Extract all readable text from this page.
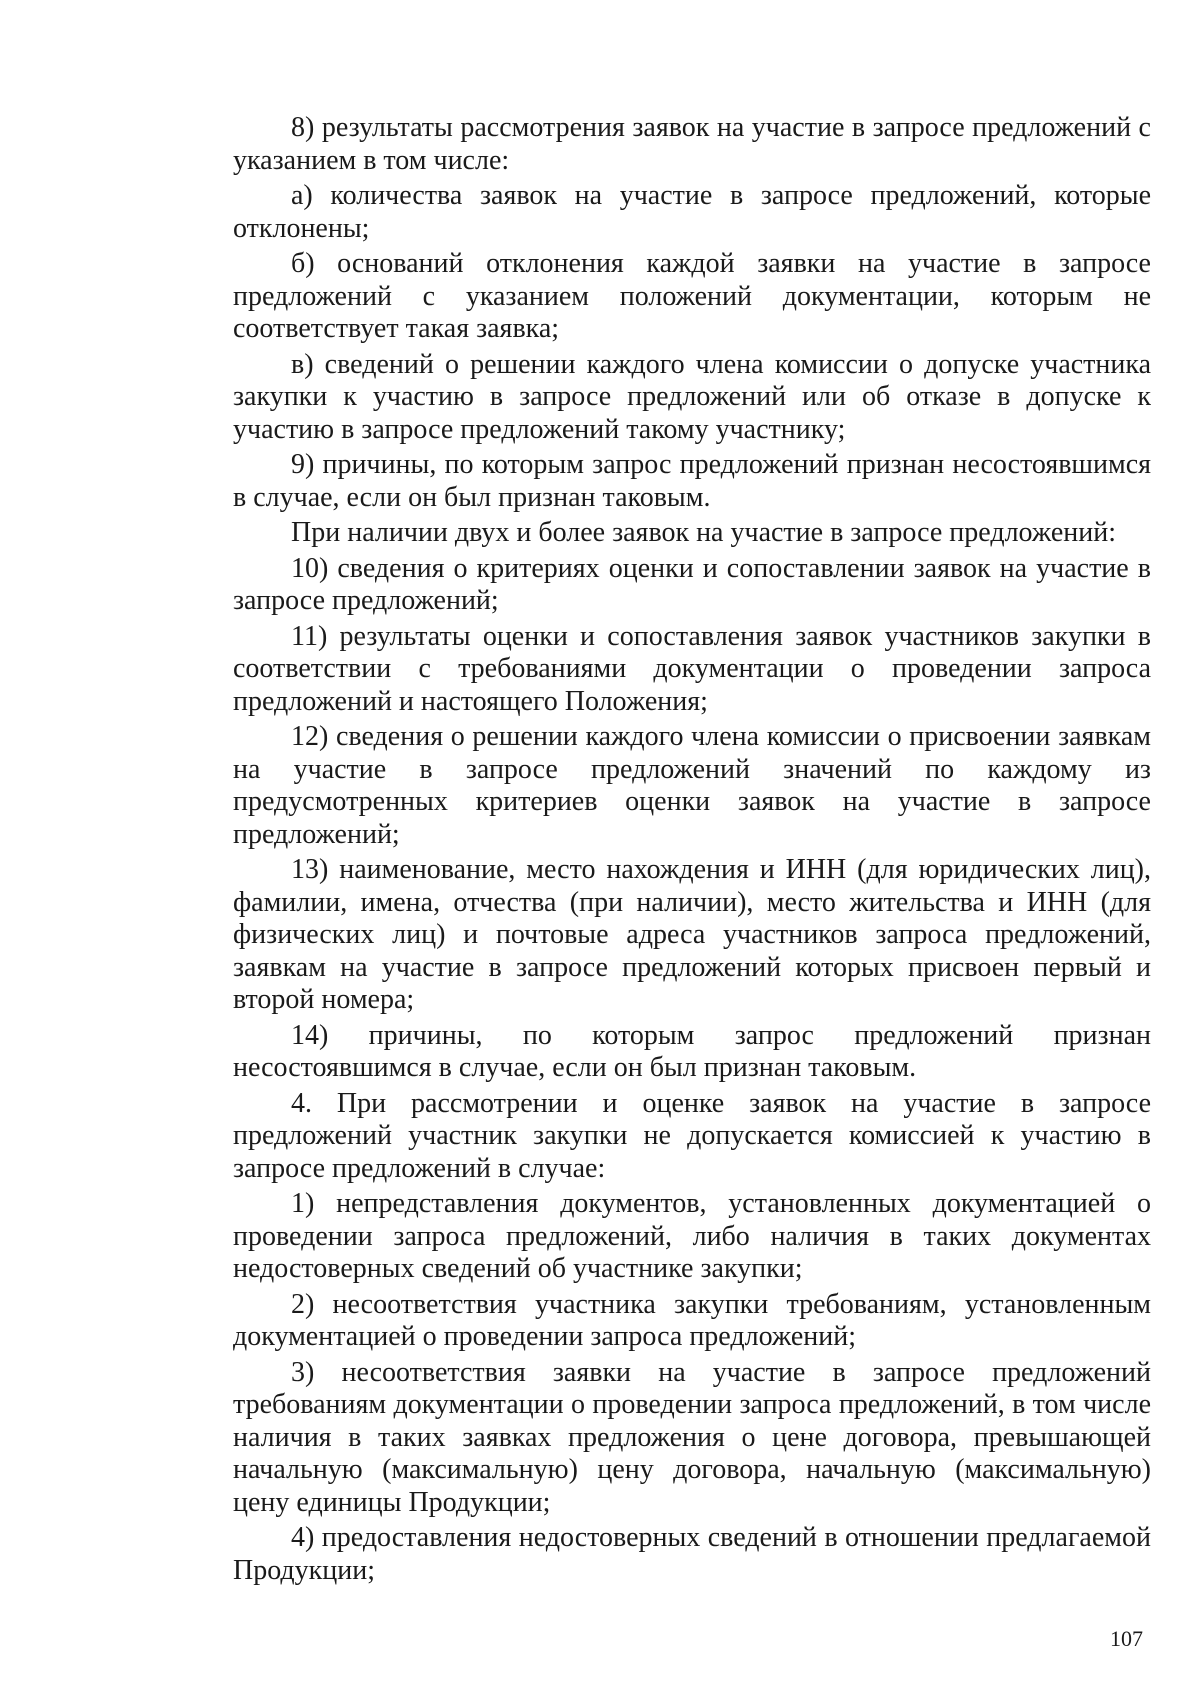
8) результаты рассмотрения заявок на участие в запросе предложений с указанием в том числе:

а) количества заявок на участие в запросе предложений, которые отклонены;

б) оснований отклонения каждой заявки на участие в запросе предложений с указанием положений документации, которым не соответствует такая заявка;

в) сведений о решении каждого члена комиссии о допуске участника закупки к участию в запросе предложений или об отказе в допуске к участию в запросе предложений такому участнику;

9) причины, по которым запрос предложений признан несостоявшимся в случае, если он был признан таковым.

При наличии двух и более заявок на участие в запросе предложений:

10) сведения о критериях оценки и сопоставлении заявок на участие в запросе предложений;

11) результаты оценки и сопоставления заявок участников закупки в соответствии с требованиями документации о проведении запроса предложений и настоящего Положения;

12) сведения о решении каждого члена комиссии о присвоении заявкам на участие в запросе предложений значений по каждому из предусмотренных критериев оценки заявок на участие в запросе предложений;

13) наименование, место нахождения и ИНН (для юридических лиц), фамилии, имена, отчества (при наличии), место жительства и ИНН (для физических лиц) и почтовые адреса участников запроса предложений, заявкам на участие в запросе предложений которых присвоен первый и второй номера;

14) причины, по которым запрос предложений признан несостоявшимся в случае, если он был признан таковым.

4. При рассмотрении и оценке заявок на участие в запросе предложений участник закупки не допускается комиссией к участию в запросе предложений в случае:

1) непредставления документов, установленных документацией о проведении запроса предложений, либо наличия в таких документах недостоверных сведений об участнике закупки;

2) несоответствия участника закупки требованиям, установленным документацией о проведении запроса предложений;

3) несоответствия заявки на участие в запросе предложений требованиям документации о проведении запроса предложений, в том числе наличия в таких заявках предложения о цене договора, превышающей начальную (максимальную) цену договора, начальную (максимальную) цену единицы Продукции;

4) предоставления недостоверных сведений в отношении предлагаемой Продукции;

107
